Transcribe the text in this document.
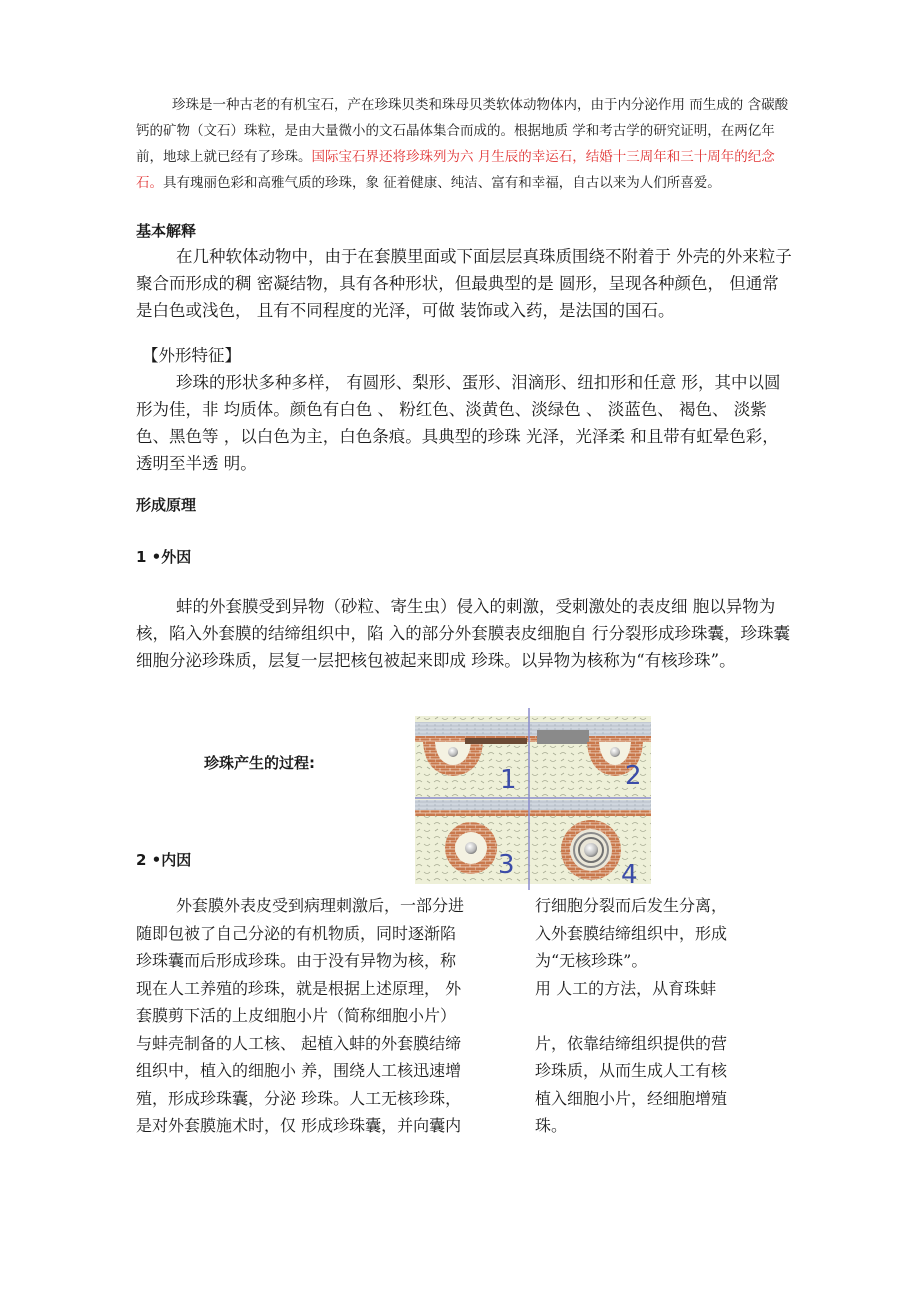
珍珠是一种古老的有机宝石，产在珍珠贝类和珠母贝类软体动物体内，由于内分泌作用 而生成的 含碳酸钙的矿物（文石）珠粒，是由大量微小的文石晶体集合而成的。根据地质 学和考古学的研究证明，在两亿年前，地球上就已经有了珍珠。国际宝石界还将珍珠列为六 月生辰的幸运石，结婚十三周年和三十周年的纪念石。具有瑰丽色彩和高雅气质的珍珠，象 征着健康、纯洁、富有和幸福，自古以来为人们所喜爱。

基本解释

在几种软体动物中，由于在套膜里面或下面层层真珠质围绕不附着于 外壳的外来粒子聚合而形成的稠 密凝结物，具有各种形状，但最典型的是 圆形，呈现各种颜色， 但通常是白色或浅色， 且有不同程度的光泽，可做 装饰或入药，是法国的国石。

【外形特征】

珍珠的形状多种多样， 有圆形、梨形、蛋形、泪滴形、纽扣形和任意 形，其中以圆形为佳，非 均质体。颜色有白色 、 粉红色、淡黄色、淡绿色 、 淡蓝色、 褐色、 淡紫色、黑色等 ，以白色为主，白色条痕。具典型的珍珠 光泽，光泽柔 和且带有虹晕色彩，透明至半透 明。

形成原理
1 •外因

蚌的外套膜受到异物（砂粒、寄生虫）侵入的刺激，受刺激处的表皮细 胞以异物为核，陷入外套膜的结缔组织中，陷 入的部分外套膜表皮细胞自 行分裂形成珍珠囊，珍珠囊细胞分泌珍珠质，层复一层把核包被起来即成 珍珠。以异物为核称为“有核珍珠”。

珍珠产生的过程:
1	2
3	4
2 •内因

外套膜外表皮受到病理刺激后，一部分进

随即包被了自己分泌的有机物质，同时逐渐陷

珍珠囊而后形成珍珠。由于没有异物为核，称

现在人工养殖的珍珠，就是根据上述原理， 外

套膜剪下活的上皮细胞小片（简称细胞小片）

与蚌壳制备的人工核、 起植入蚌的外套膜结缔

组织中，植入的细胞小 养，围绕人工核迅速增

殖，形成珍珠囊，分泌 珍珠。人工无核珍珠，

是对外套膜施术时，仅 形成珍珠囊，并向囊内

行细胞分裂而后发生分离，

入外套膜结缔组织中，形成

为“无核珍珠”。

用 人工的方法，从育珠蚌

片，依靠结缔组织提供的营

珍珠质，从而生成人工有核

植入细胞小片，经细胞增殖

珠。
